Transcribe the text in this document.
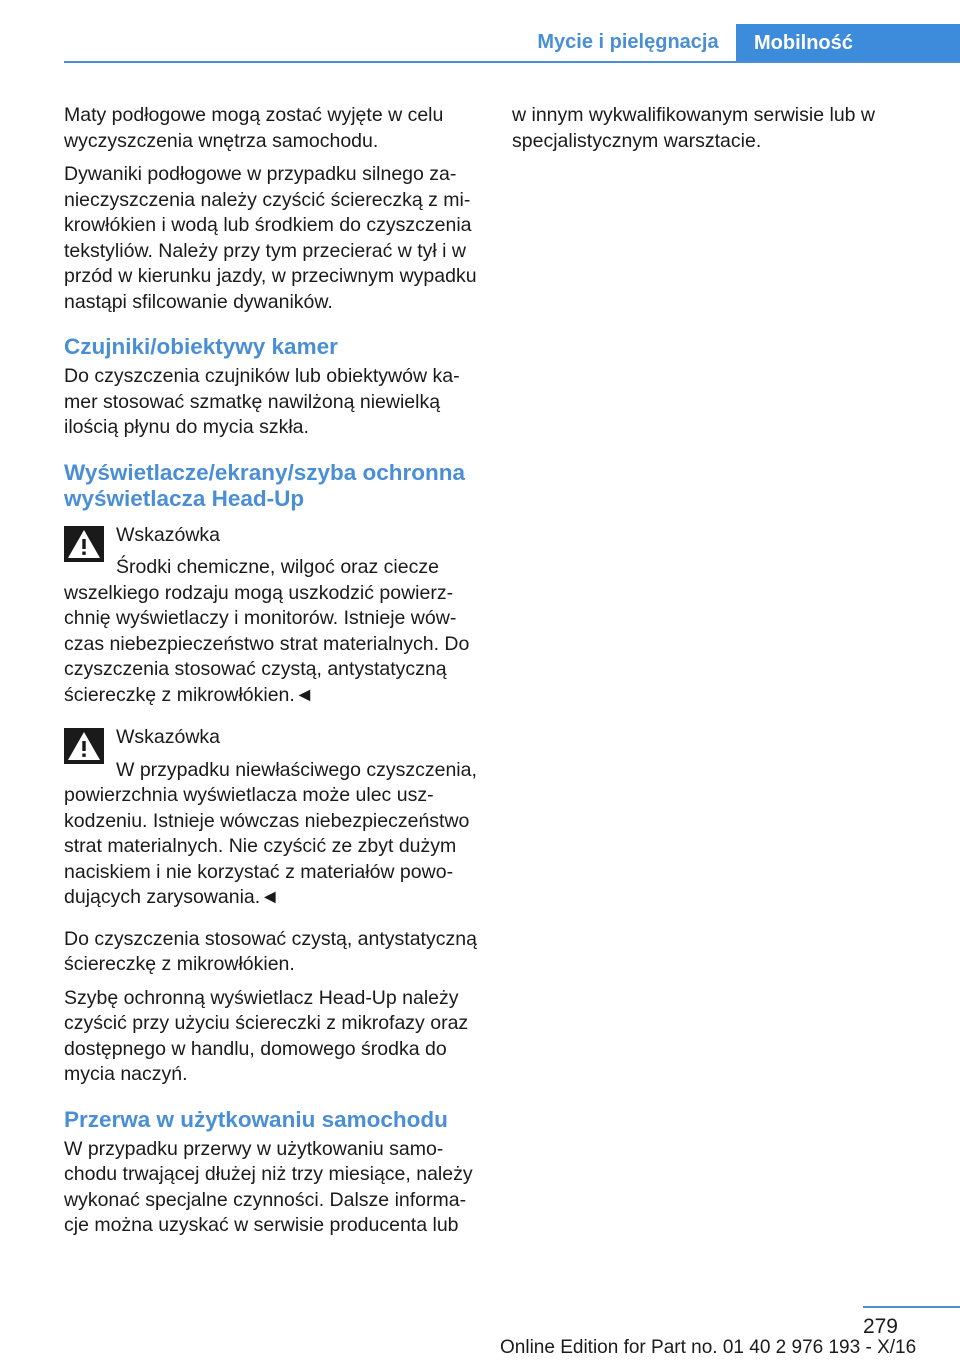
Mycie i pielęgnacja	Mobilność

Maty podłogowe mogą zostać wyjęte w celu wyczyszczenia wnętrza samochodu.

Dywaniki podłogowe w przypadku silnego zanieczyszczenia należy czyścić ściereczką z mikrowłókien i wodą lub środkiem do czyszczenia tekstyliów. Należy przy tym przecierać w tył i w przód w kierunku jazdy, w przeciwnym wypadku nastąpi sfilcowanie dywaników.

Czujniki/obiektywy kamer

Do czyszczenia czujników lub obiektywów kamer stosować szmatkę nawilżoną niewielką ilością płynu do mycia szkła.

Wyświetlacze/ekrany/szyba ochronna wyświetlacza Head-Up

Wskazówka

Środki chemiczne, wilgoć oraz ciecze wszelkiego rodzaju mogą uszkodzić powierzchnię wyświetlaczy i monitorów. Istnieje wówczas niebezpieczeństwo strat materialnych. Do czyszczenia stosować czystą, antystatyczną ściereczkę z mikrowłókien.◄

Wskazówka

W przypadku niewłaściwego czyszczenia, powierzchnia wyświetlacza może ulec uszkodzeniu. Istnieje wówczas niebezpieczeństwo strat materialnych. Nie czyścić ze zbyt dużym naciskiem i nie korzystać z materiałów powodujących zarysowania.◄

Do czyszczenia stosować czystą, antystatyczną ściereczkę z mikrowłókien.

Szybę ochronną wyświetlacz Head-Up należy czyścić przy użyciu ściereczki z mikrofazy oraz dostępnego w handlu, domowego środka do mycia naczyń.

Przerwa w użytkowaniu samochodu

W przypadku przerwy w użytkowaniu samochodu trwającej dłużej niż trzy miesiące, należy wykonać specjalne czynności. Dalsze informacje można uzyskać w serwisie producenta lub

w innym wykwalifikowanym serwisie lub w specjalistycznym warsztacie.

279
Online Edition for Part no. 01 40 2 976 193 - X/16
